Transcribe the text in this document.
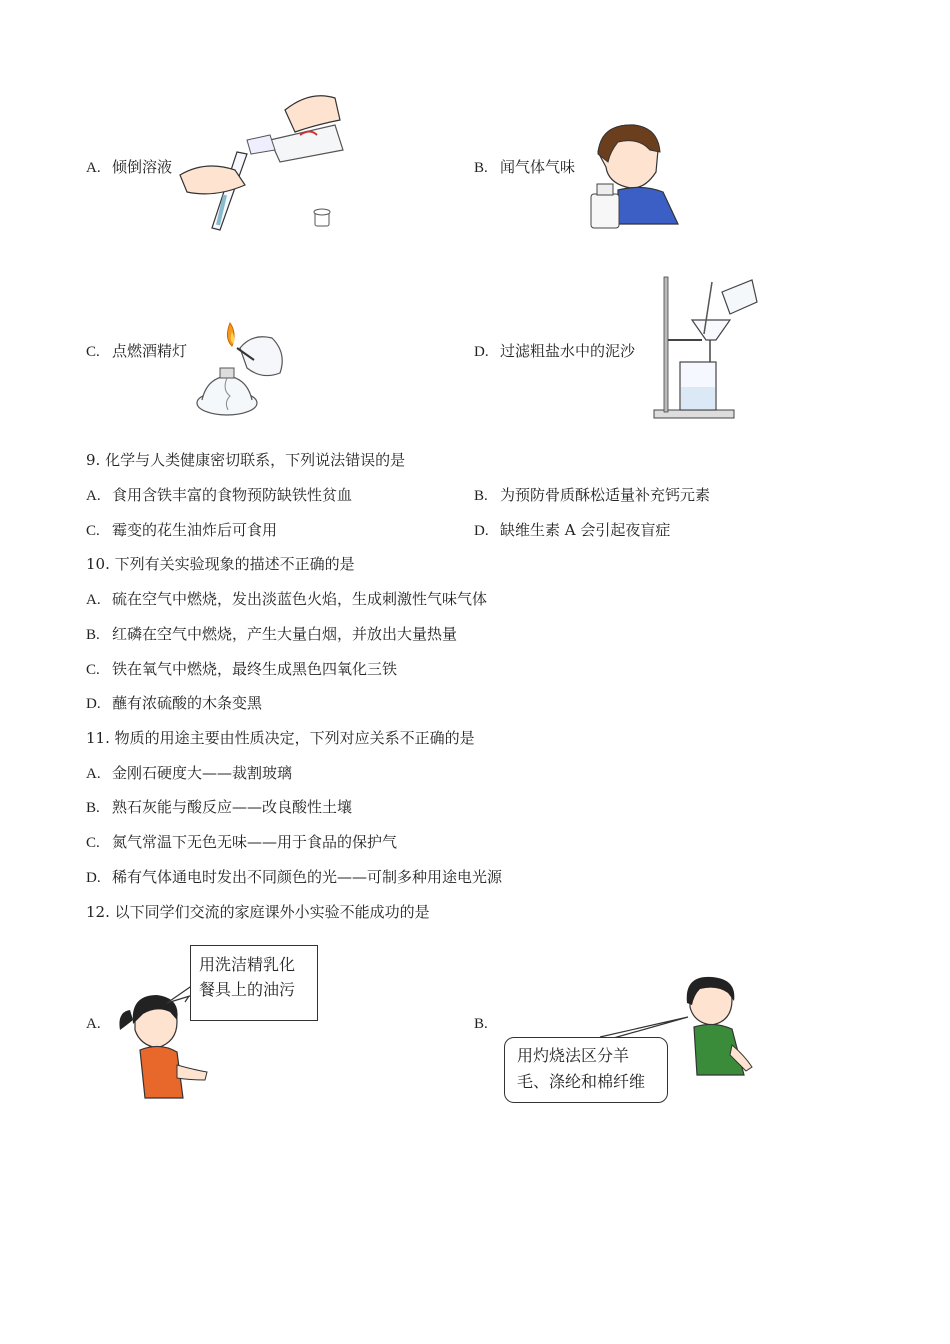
A. 倾倒溶液	B. 闻气体气味
C. 点燃酒精灯	D. 过滤粗盐水中的泥沙
9. 化学与人类健康密切联系，下列说法错误的是
A. 食用含铁丰富的食物预防缺铁性贫血	B. 为预防骨质酥松适量补充钙元素
C. 霉变的花生油炸后可食用	D. 缺维生素 A 会引起夜盲症
10. 下列有关实验现象的描述不正确的是
A. 硫在空气中燃烧，发出淡蓝色火焰，生成刺激性气味气体
B. 红磷在空气中燃烧，产生大量白烟，并放出大量热量
C. 铁在氧气中燃烧，最终生成黑色四氧化三铁
D. 蘸有浓硫酸的木条变黑
11. 物质的用途主要由性质决定，下列对应关系不正确的是
A. 金刚石硬度大——裁割玻璃
B. 熟石灰能与酸反应——改良酸性土壤
C. 氮气常温下无色无味——用于食品的保护气
D. 稀有气体通电时发出不同颜色的光——可制多种用途电光源
12. 以下同学们交流的家庭课外小实验不能成功的是
A.
用洗洁精乳化
餐具上的油污
B.
用灼烧法区分羊
毛、涤纶和棉纤维
